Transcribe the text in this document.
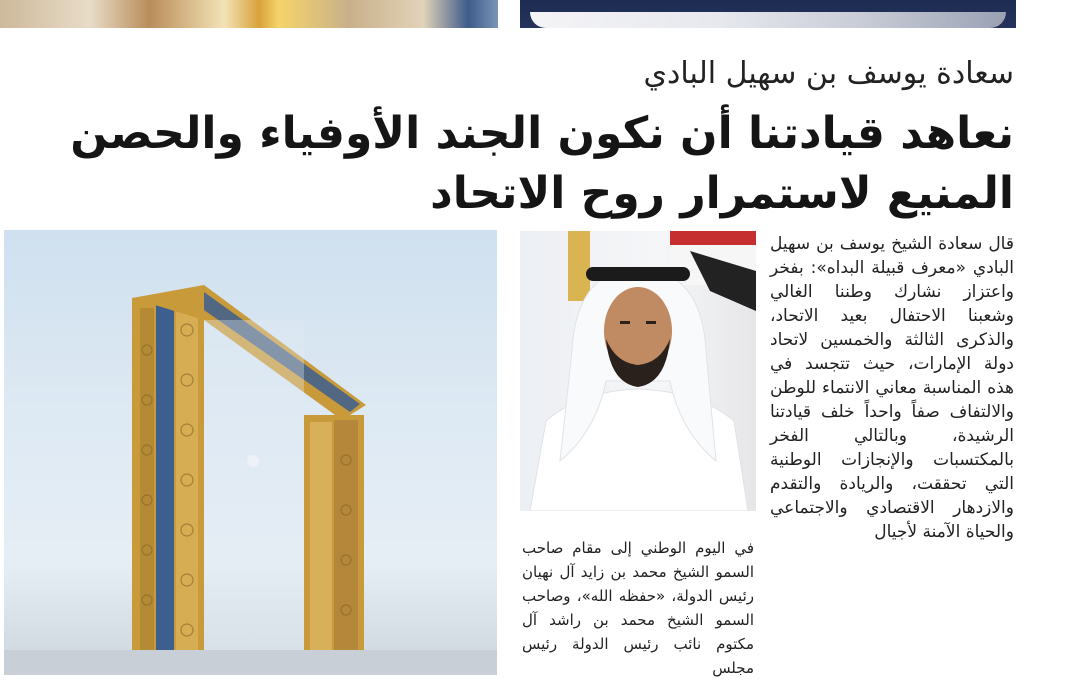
سعادة يوسف بن سهيل البادي
نعاهد قيادتنا أن نكون الجند الأوفياء والحصن المنيع لاستمرار روح الاتحاد

قال سعادة الشيخ يوسف بن سهيل البادي «معرف قبيلة البداه»: بفخر واعتزاز نشارك وطننا الغالي وشعبنا الاحتفال بعيد الاتحاد، والذكرى الثالثة والخمسين لاتحاد دولة الإمارات، حيث تتجسد في هذه المناسبة معاني الانتماء للوطن والالتفاف صفاً واحداً خلف قيادتنا الرشيدة، وبالتالي الفخر بالمكتسبات والإنجازات الوطنية التي تحققت، والريادة والتقدم والازدهار الاقتصادي والاجتماعي والحياة الآمنة لأجيال

في اليوم الوطني إلى مقام صاحب السمو الشيخ محمد بن زايد آل نهيان رئيس الدولة، «حفظه الله»، وصاحب السمو الشيخ محمد بن راشد آل مكتوم نائب رئيس الدولة رئيس مجلس
